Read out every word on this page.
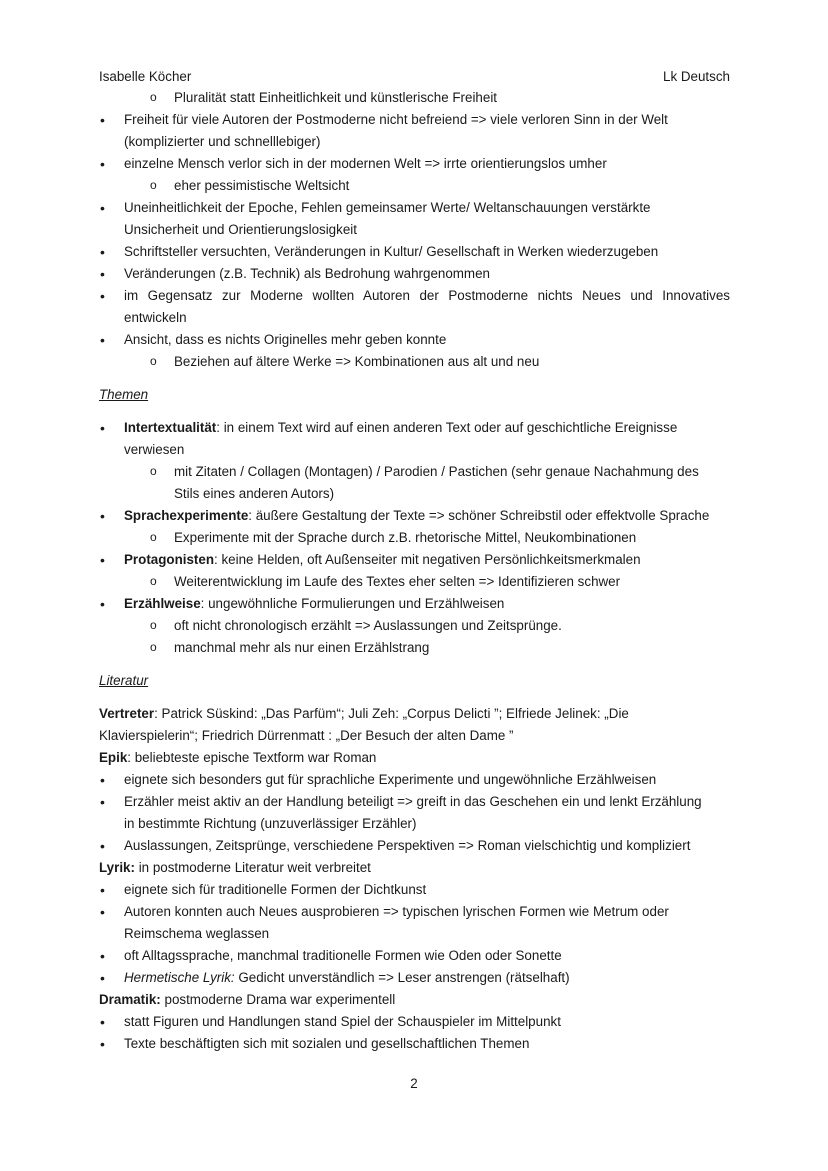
Isabelle Köcher	Lk Deutsch
o Pluralität statt Einheitlichkeit und künstlerische Freiheit
• Freiheit für viele Autoren der Postmoderne nicht befreiend => viele verloren Sinn in der Welt
(komplizierter und schnelllebiger)
• einzelne Mensch verlor sich in der modernen Welt => irrte orientierungslos umher
o eher pessimistische Weltsicht
• Uneinheitlichkeit der Epoche, Fehlen gemeinsamer Werte/ Weltanschauungen verstärkte
Unsicherheit und Orientierungslosigkeit
• Schriftsteller versuchten, Veränderungen in Kultur/ Gesellschaft in Werken wiederzugeben
• Veränderungen (z.B. Technik) als Bedrohung wahrgenommen
• im Gegensatz zur Moderne wollten Autoren der Postmoderne nichts Neues und Innovatives
entwickeln
• Ansicht, dass es nichts Originelles mehr geben konnte
o Beziehen auf ältere Werke => Kombinationen aus alt und neu
Themen
• Intertextualität: in einem Text wird auf einen anderen Text oder auf geschichtliche Ereignisse
verwiesen
o mit Zitaten / Collagen (Montagen) / Parodien / Pastichen (sehr genaue Nachahmung des
Stils eines anderen Autors)
• Sprachexperimente: äußere Gestaltung der Texte => schöner Schreibstil oder effektvolle Sprache
o Experimente mit der Sprache durch z.B. rhetorische Mittel, Neukombinationen
• Protagonisten: keine Helden, oft Außenseiter mit negativen Persönlichkeitsmerkmalen
o Weiterentwicklung im Laufe des Textes eher selten => Identifizieren schwer
• Erzählweise: ungewöhnliche Formulierungen und Erzählweisen
o oft nicht chronologisch erzählt => Auslassungen und Zeitsprünge.
o manchmal mehr als nur einen Erzählstrang
Literatur
Vertreter: Patrick Süskind: „Das Parfüm“; Juli Zeh: „Corpus Delicti ”; Elfriede Jelinek: „Die
Klavierspielerin“; Friedrich Dürrenmatt : „Der Besuch der alten Dame ”
Epik: beliebteste epische Textform war Roman
• eignete sich besonders gut für sprachliche Experimente und ungewöhnliche Erzählweisen
• Erzähler meist aktiv an der Handlung beteiligt => greift in das Geschehen ein und lenkt Erzählung
in bestimmte Richtung (unzuverlässiger Erzähler)
• Auslassungen, Zeitsprünge, verschiedene Perspektiven => Roman vielschichtig und kompliziert
Lyrik: in postmoderne Literatur weit verbreitet
• eignete sich für traditionelle Formen der Dichtkunst
• Autoren konnten auch Neues ausprobieren => typischen lyrischen Formen wie Metrum oder
Reimschema weglassen
• oft Alltagssprache, manchmal traditionelle Formen wie Oden oder Sonette
• Hermetische Lyrik: Gedicht unverständlich => Leser anstrengen (rätselhaft)
Dramatik: postmoderne Drama war experimentell
• statt Figuren und Handlungen stand Spiel der Schauspieler im Mittelpunkt
• Texte beschäftigten sich mit sozialen und gesellschaftlichen Themen
2
